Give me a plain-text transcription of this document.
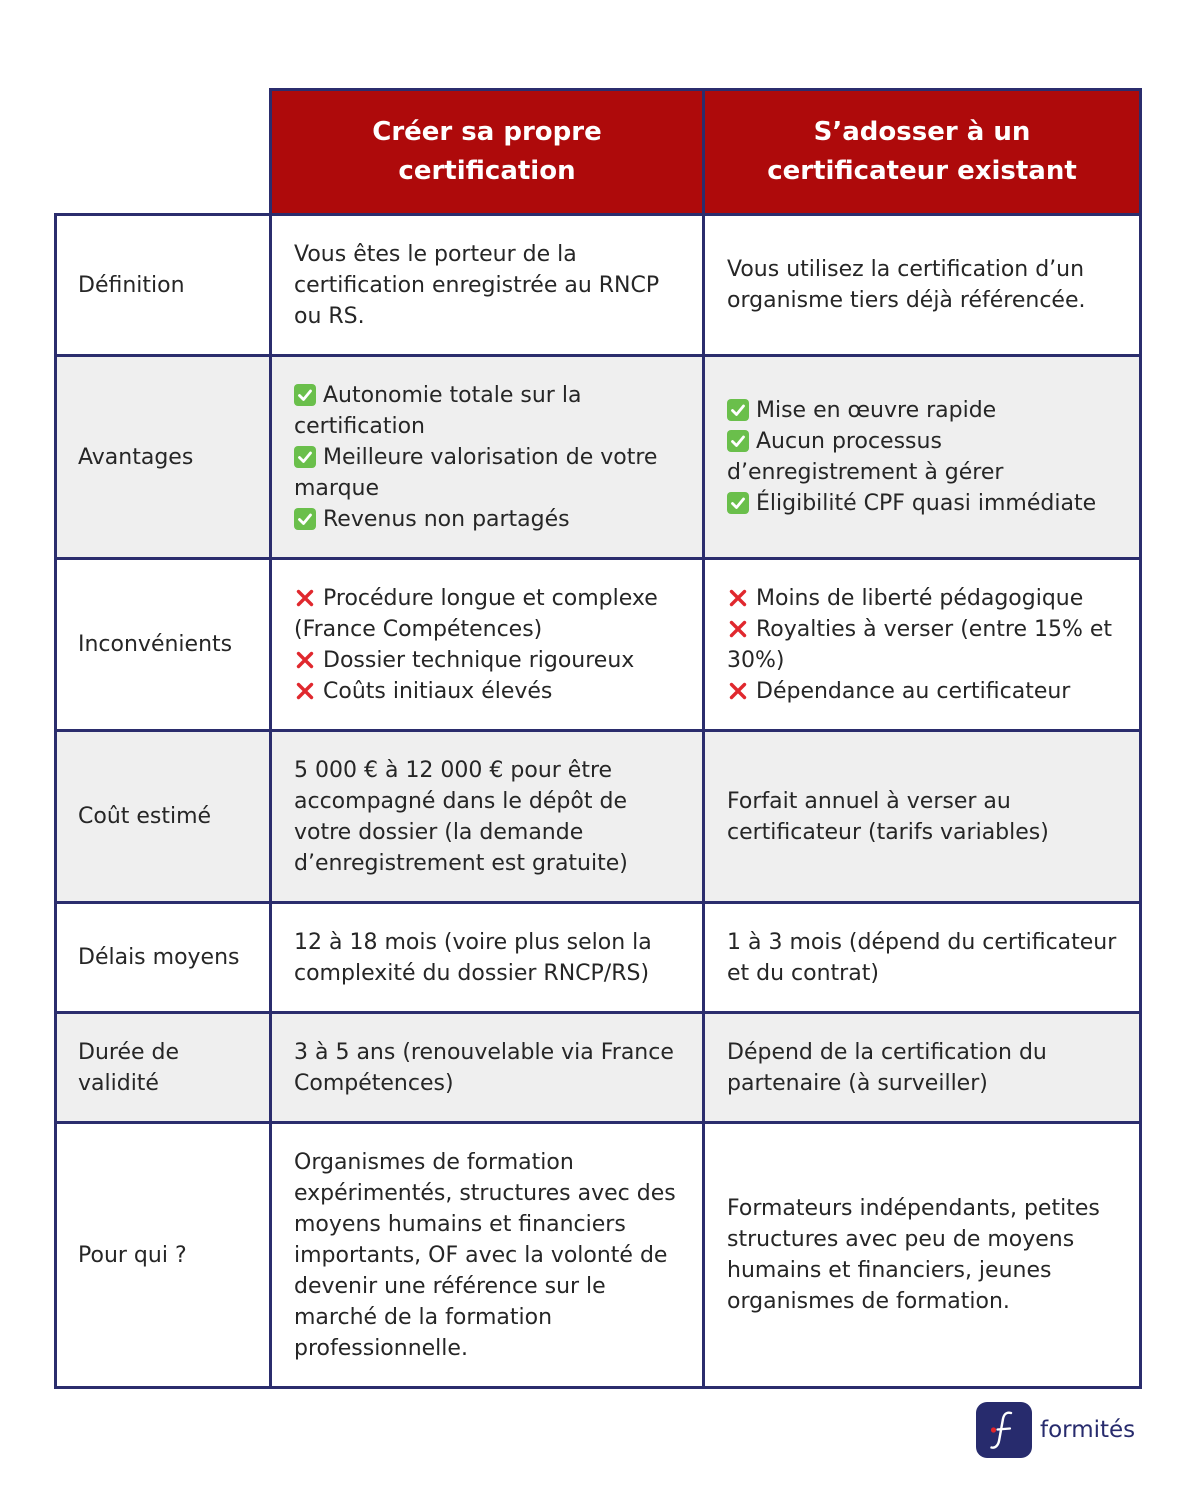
Créer sa propre
certification
S’adosser à un
certificateur existant
Définition
Vous êtes le porteur de la
certification enregistrée au RNCP
ou RS.
Vous utilisez la certification d’un
organisme tiers déjà référencée.
Avantages
Autonomie totale sur la
certification
Meilleure valorisation de votre
marque
Revenus non partagés
Mise en œuvre rapide
Aucun processus
d’enregistrement à gérer
Éligibilité CPF quasi immédiate
Inconvénients
Procédure longue et complexe
(France Compétences)
Dossier technique rigoureux
Coûts initiaux élevés
Moins de liberté pédagogique
Royalties à verser (entre 15% et
30%)
Dépendance au certificateur
Coût estimé
5 000 € à 12 000 € pour être
accompagné dans le dépôt de
votre dossier (la demande
d’enregistrement est gratuite)
Forfait annuel à verser au
certificateur (tarifs variables)
Délais moyens
12 à 18 mois (voire plus selon la
complexité du dossier RNCP/RS)
1 à 3 mois (dépend du certificateur
et du contrat)
Durée de
validité
3 à 5 ans (renouvelable via France
Compétences)
Dépend de la certification du
partenaire (à surveiller)
Pour qui ?
Organismes de formation
expérimentés, structures avec des
moyens humains et financiers
importants, OF avec la volonté de
devenir une référence sur le
marché de la formation
professionnelle.
Formateurs indépendants, petites
structures avec peu de moyens
humains et financiers, jeunes
organismes de formation.
formités
